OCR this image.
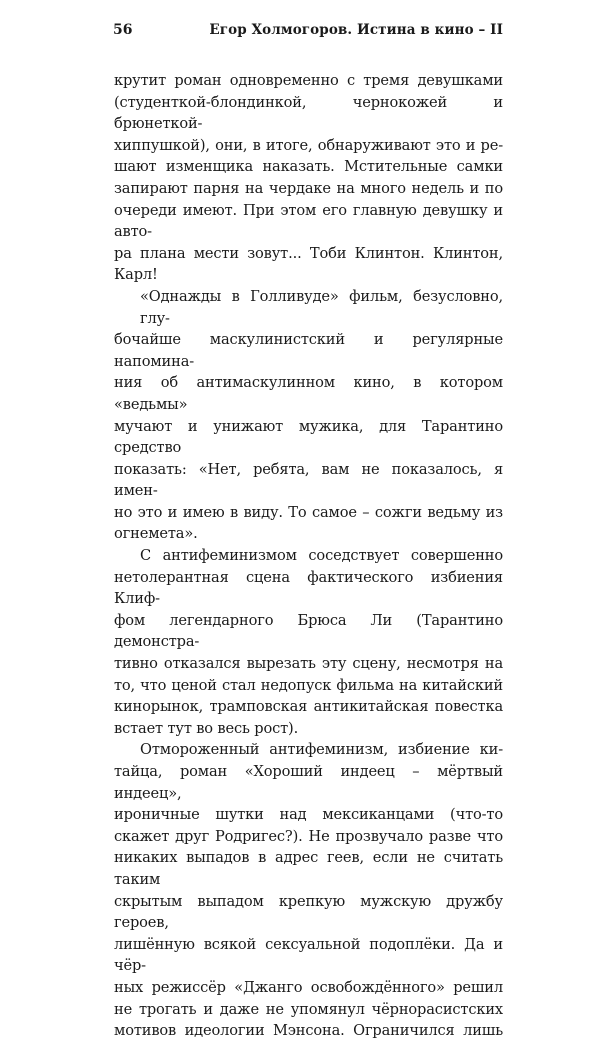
56	Егор Холмогоров. Истина в кино – II
крутит роман одновременно с тремя девушками
(студенткой-блондинкой, чернокожей и брюнеткой-
хиппушкой), они, в итоге, обнаруживают это и ре-
шают изменщика наказать. Мстительные самки
запирают парня на чердаке на много недель и по
очереди имеют. При этом его главную девушку и авто-
ра плана мести зовут... Тоби Клинтон. Клинтон,
Карл!
«Однажды в Голливуде» фильм, безусловно, глу-
бочайше маскулинистский и регулярные напомина-
ния об антимаскулинном кино, в котором «ведьмы»
мучают и унижают мужика, для Тарантино средство
показать: «Нет, ребята, вам не показалось, я имен-
но это и имею в виду. То самое – сожги ведьму из
огнемета».
С антифеминизмом соседствует совершенно
нетолерантная сцена фактического избиения Клиф-
фом легендарного Брюса Ли (Тарантино демонстра-
тивно отказался вырезать эту сцену, несмотря на
то, что ценой стал недопуск фильма на китайский
кинорынок, трамповская антикитайская повестка
встает тут во весь рост).
Отмороженный антифеминизм, избиение ки-
тайца, роман «Хороший индеец – мёртвый индеец»,
ироничные шутки над мексиканцами (что-то
скажет друг Родригес?). Не прозвучало разве что
никаких выпадов в адрес геев, если не считать таким
скрытым выпадом крепкую мужскую дружбу героев,
лишённую всякой сексуальной подоплёки. Да и чёр-
ных режиссёр «Джанго освобождённого» решил
не трогать и даже не упомянул чёрнорасистских
мотивов идеологии Мэнсона. Ограничился лишь
